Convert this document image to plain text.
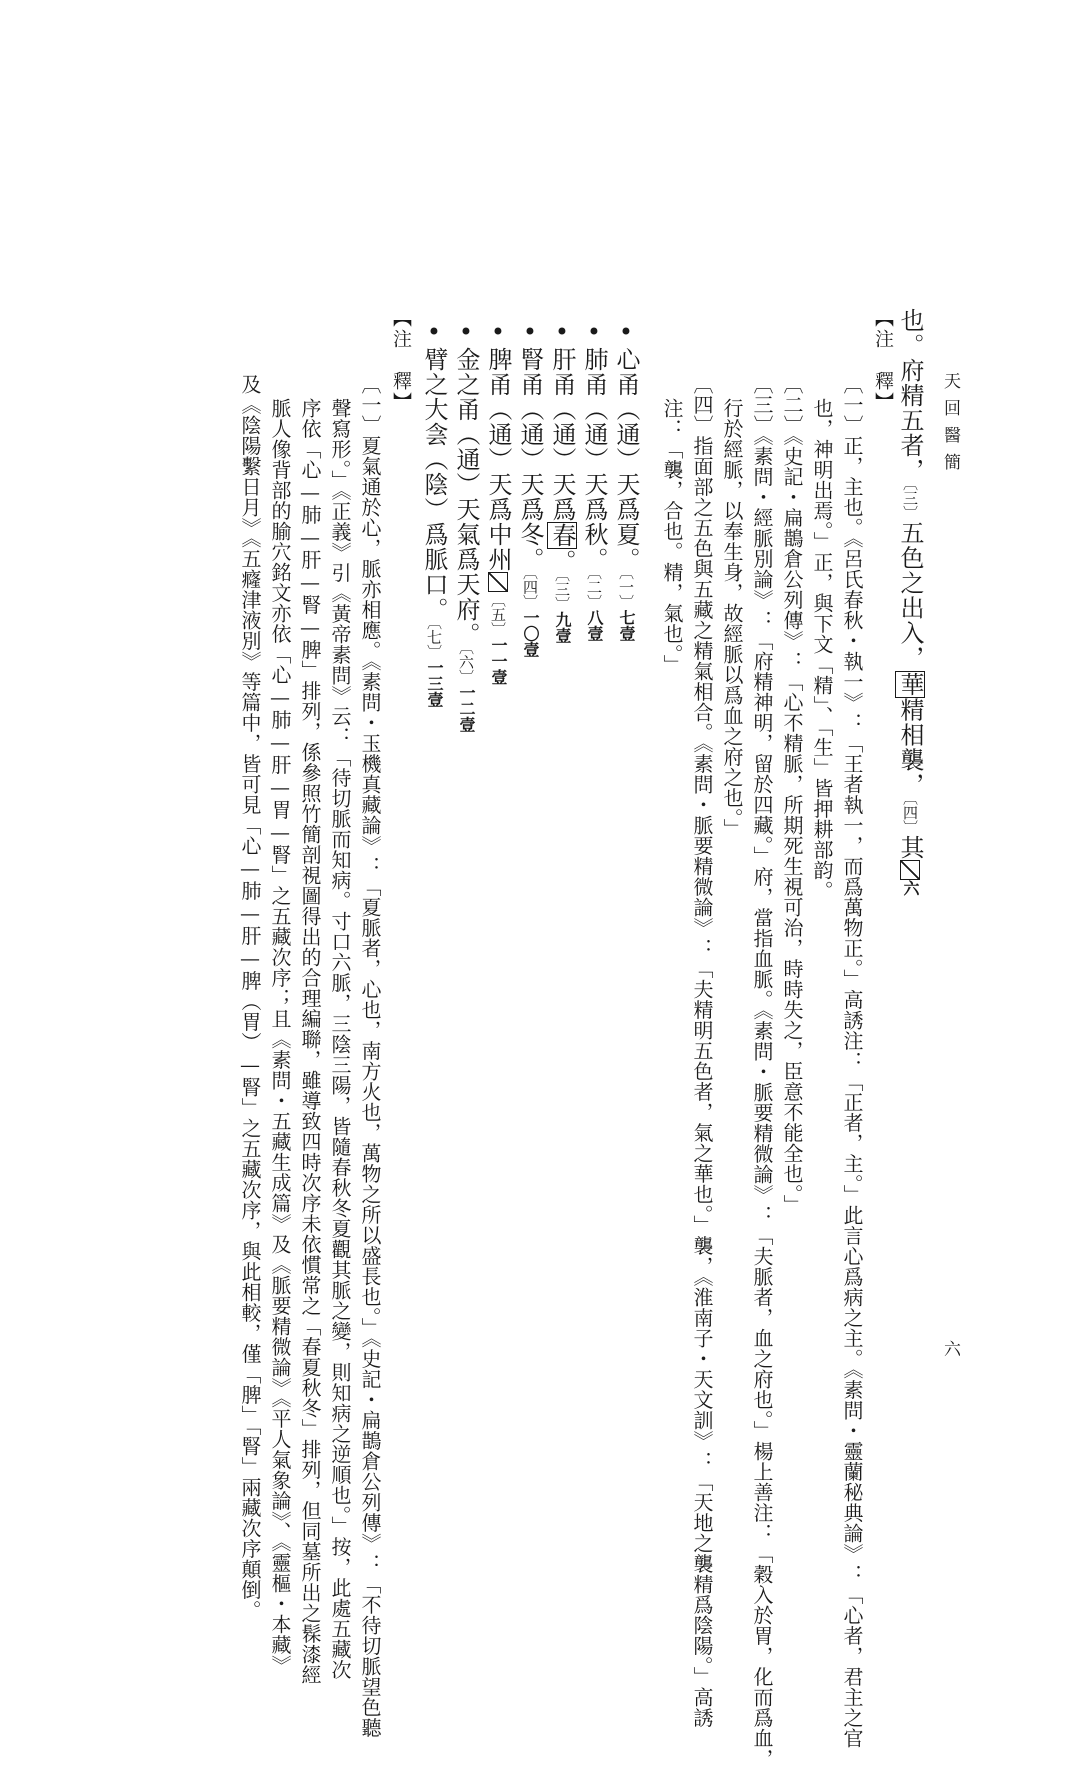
天回醫簡
六
也。府精五者，〔三〕五色之出入，華精相襲，〔四〕其六
【注　釋】
〔一〕正，主也。《呂氏春秋・執一》：「王者執一，而爲萬物正。」高誘注：「正者，主。」此言心爲病之主。《素問・靈蘭秘典論》：「心者，君主之官
也，神明出焉。」正，與下文「精」、「生」皆押耕部韵。
〔二〕《史記・扁鵲倉公列傳》：「心不精脈，所期死生視可治，時時失之，臣意不能全也。」
〔三〕《素問・經脈別論》：「府精神明，留於四藏。」府，當指血脈。《素問・脈要精微論》：「夫脈者，血之府也。」楊上善注：「穀入於胃，化而爲血，
行於經脈，以奉生身，故經脈以爲血之府之也。」
〔四〕指面部之五色與五藏之精氣相合。《素問・脈要精微論》：「夫精明五色者，氣之華也。」襲，《淮南子・天文訓》：「天地之襲精爲陰陽。」高誘
注：「襲，合也。精，氣也。」
•心甬（通）天爲夏。〔一〕七壹
•肺甬（通）天爲秋。〔二〕八壹
•肝甬（通）天爲春。〔三〕九壹
•腎甬（通）天爲冬。〔四〕一〇壹
•脾甬（通）天爲中州〔五〕一一壹
•金之甬（通）天氣爲天府。〔六〕一二壹
•臂之大侌（陰）爲脈口。〔七〕一三壹
【注　釋】
〔一〕夏氣通於心，脈亦相應。《素問・玉機真藏論》：「夏脈者，心也，南方火也，萬物之所以盛長也。」《史記・扁鵲倉公列傳》：「不待切脈望色聽
聲寫形。」《正義》引《黃帝素問》云：「待切脈而知病。寸口六脈，三陰三陽，皆隨春秋冬夏觀其脈之變，則知病之逆順也。」按，此處五藏次
序依「心—肺—肝—腎—脾」排列，係參照竹簡剖視圖得出的合理編聯，雖導致四時次序未依慣常之「春夏秋冬」排列，但同墓所出之髹漆經
脈人像背部的腧穴銘文亦依「心—肺—肝—胃—腎」之五藏次序；且《素問・五藏生成篇》及《脈要精微論》《平人氣象論》、《靈樞・本藏》
及《陰陽繫日月》《五癃津液別》等篇中，皆可見「心—肺—肝—脾（胃）—腎」之五藏次序，與此相較，僅「脾」「腎」兩藏次序顛倒。
